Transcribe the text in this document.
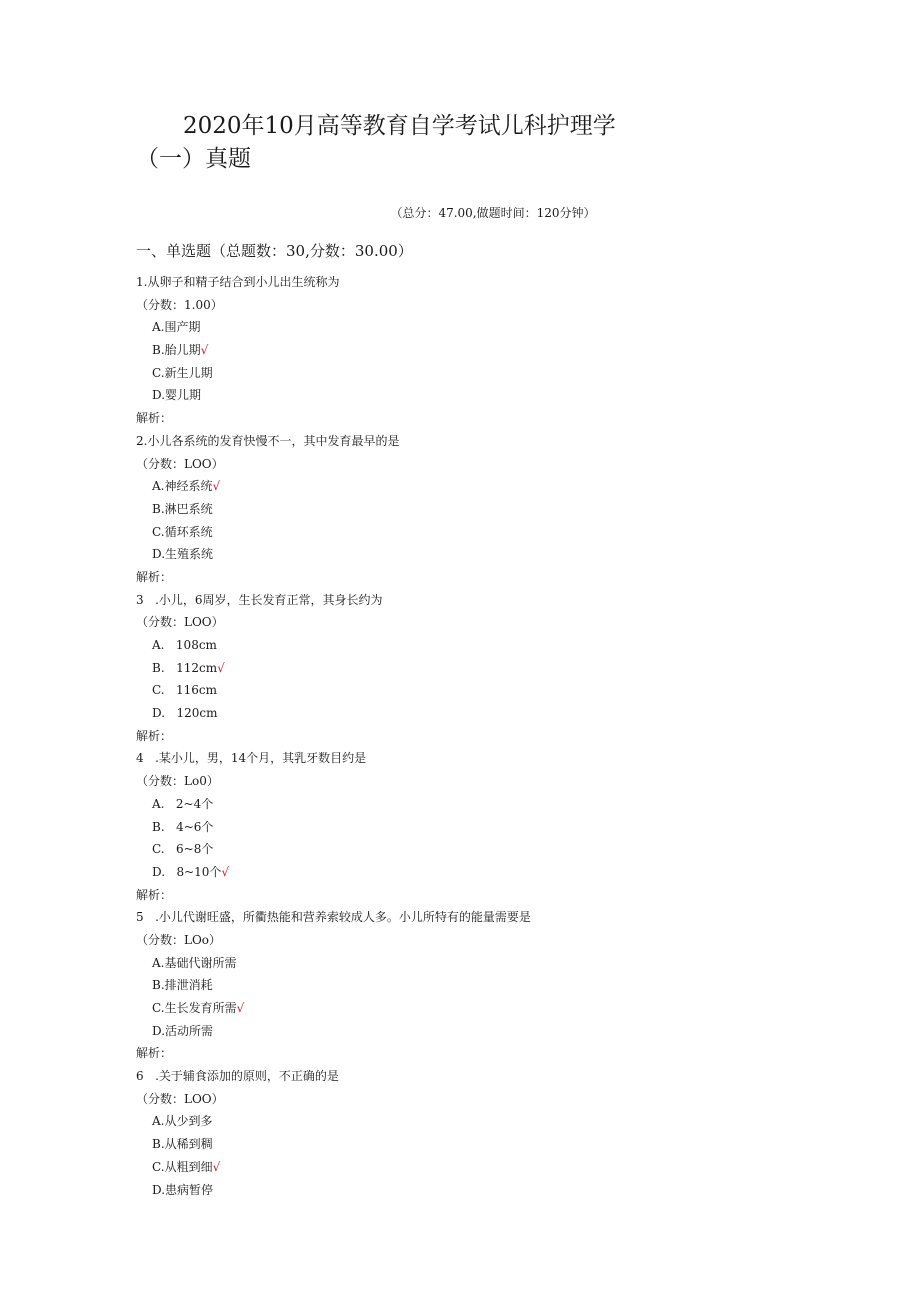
2020年10月高等教育自学考试儿科护理学
（一）真题
（总分：47.00,做题时间：120分钟）
一、单选题（总题数：30,分数：30.00）
1.从卵子和精子结合到小儿出生统称为
（分数：1.00）
A.围产期
B.胎儿期√
C.新生儿期
D.婴儿期
解析：
2.小儿各系统的发育快慢不一，其中发育最早的是
（分数：LOO）
A.神经系统√
B.淋巴系统
C.循环系统
D.生殖系统
解析：
3   .小儿，6周岁，生长发育正常，其身长约为
（分数：LOO）
A.   108cm
B.   112cm√
C.   116cm
D.   120cm
解析：
4   .某小儿，男，14个月，其乳牙数目约是
（分数：Lo0）
A.   2~4个
B.   4~6个
C.   6~8个
D.   8~10个√
解析：
5   .小儿代谢旺盛，所衢热能和营养索较成人多。小儿所特有的能量需要是
（分数：LOo）
A.基础代谢所需
B.排泄消耗
C.生长发育所需√
D.活动所需
解析：
6   .关于辅食添加的原则，不正确的是
（分数：LOO）
A.从少到多
B.从稀到稠
C.从粗到细√
D.患病暂停
